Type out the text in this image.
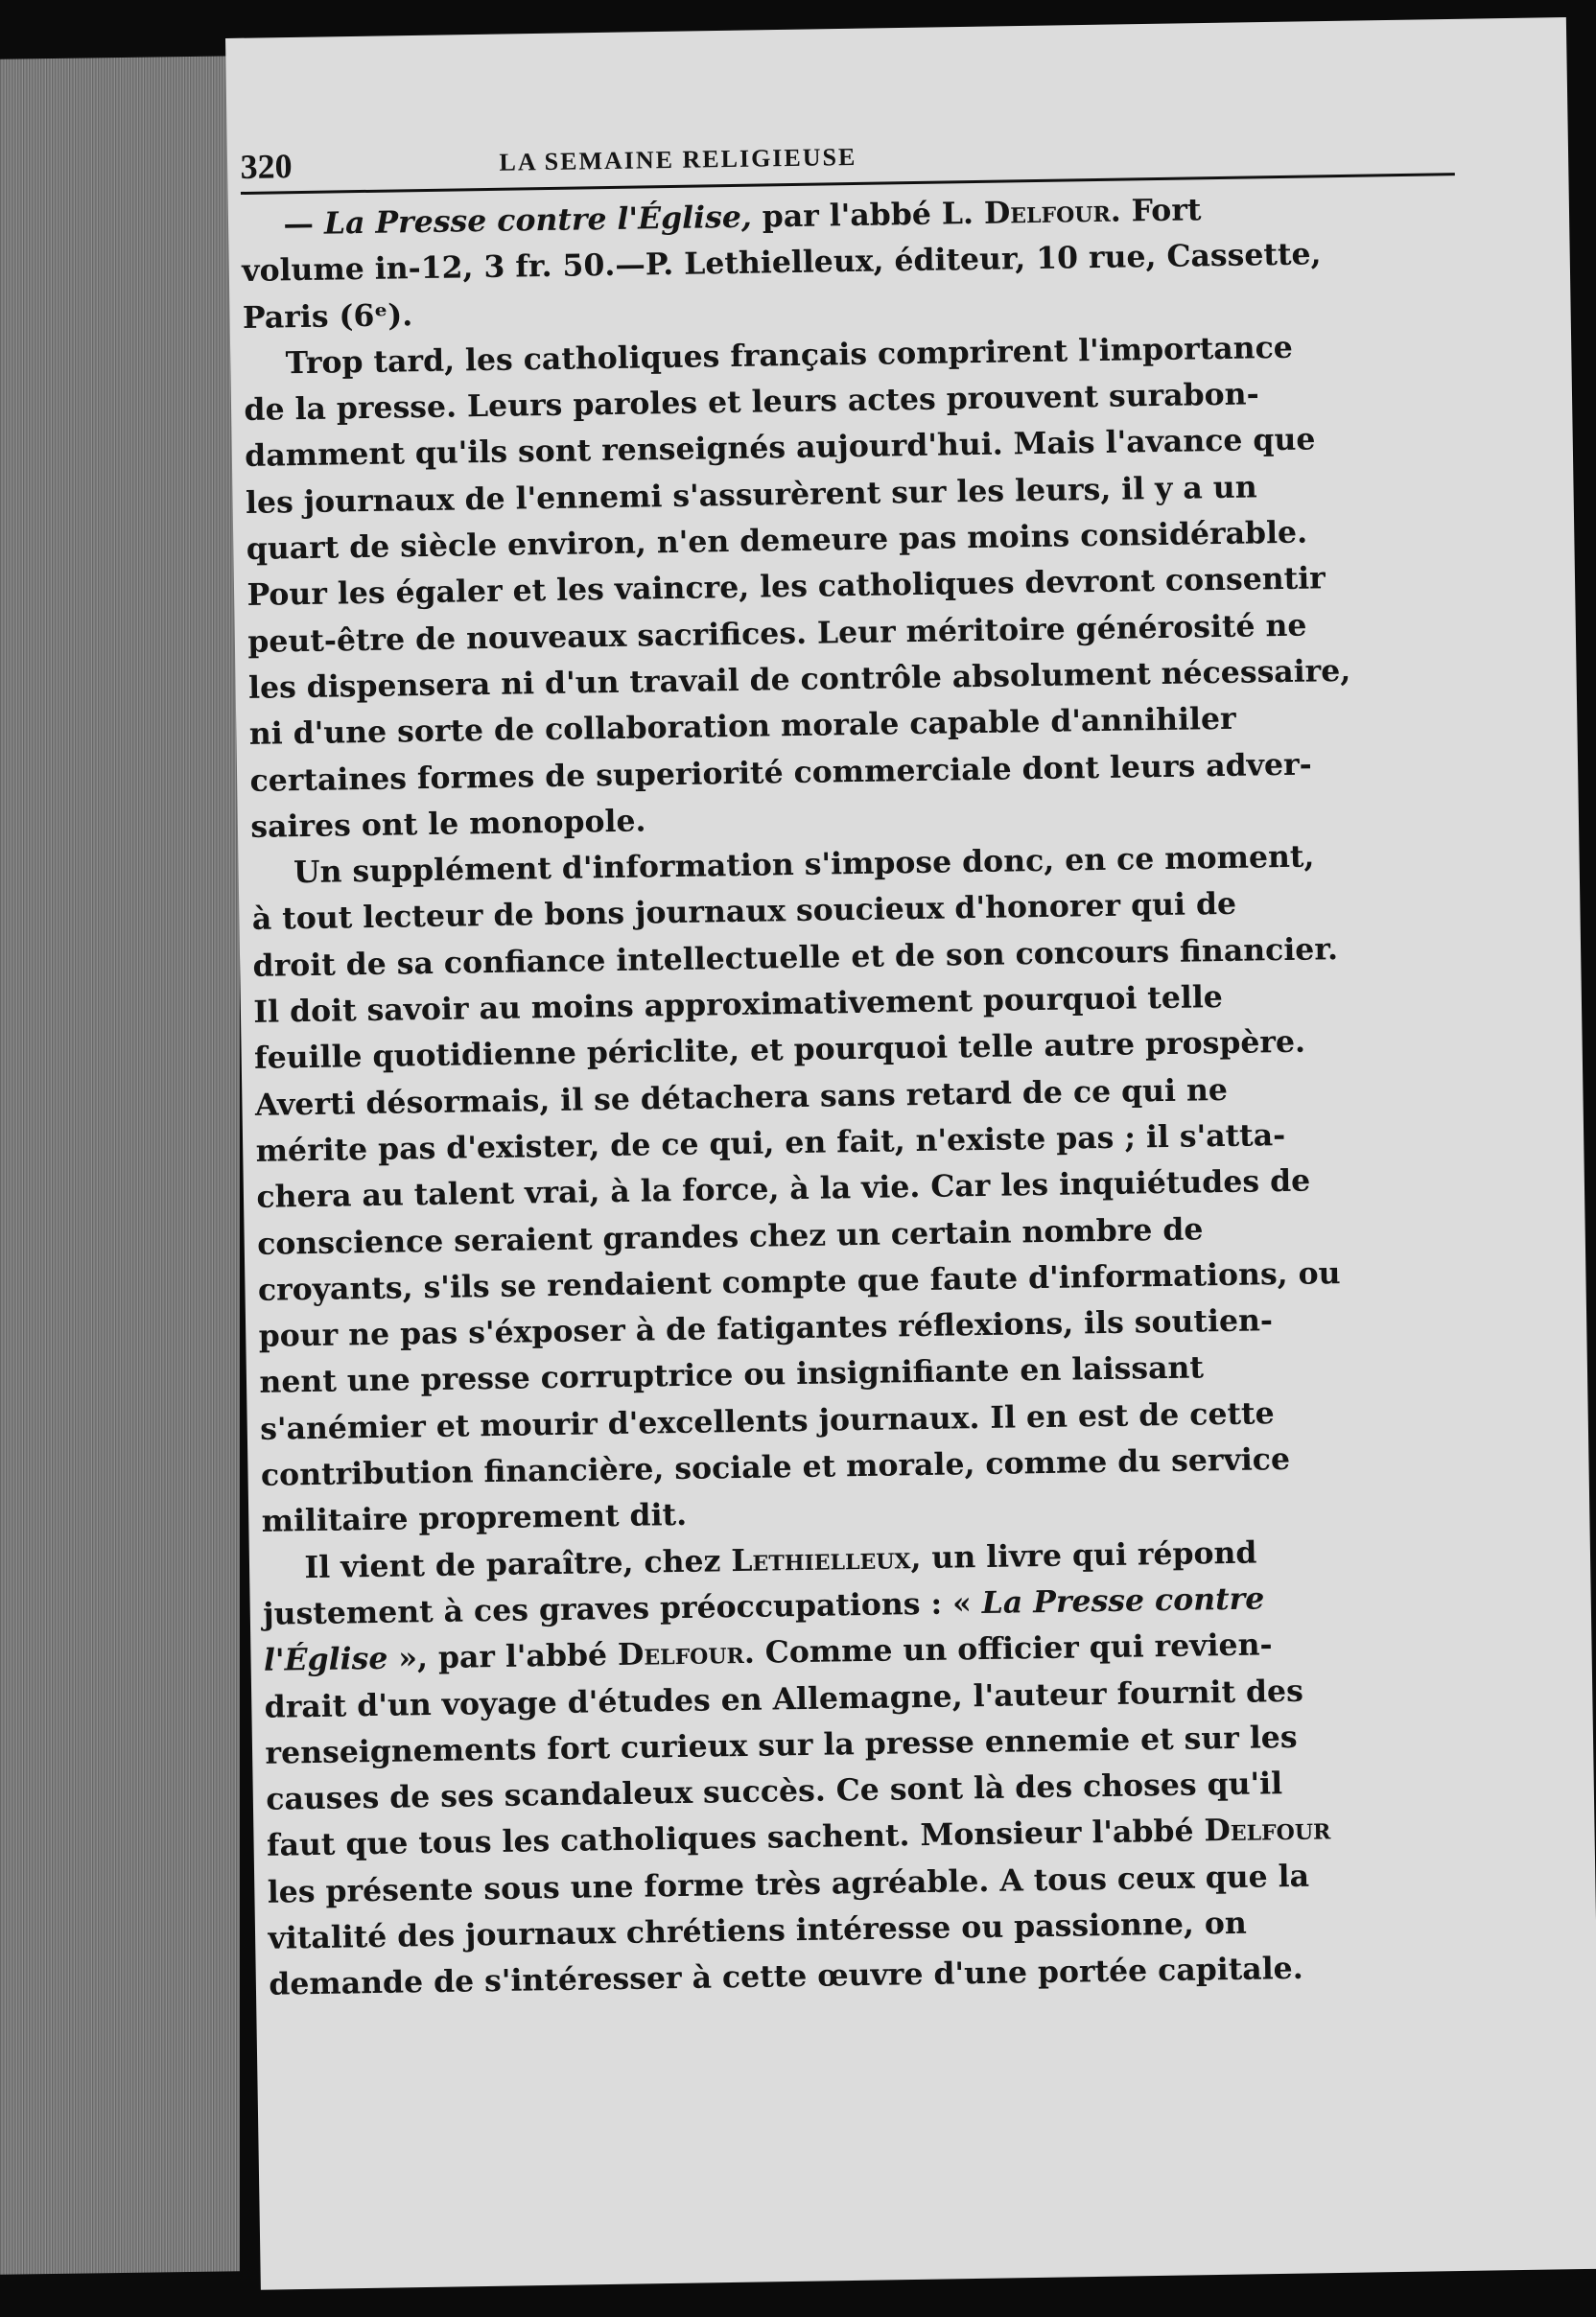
320	LA SEMAINE RELIGIEUSE

— La Presse contre l'Église, par l'abbé L. Delfour. Fort
volume in-12, 3 fr. 50.—P. Lethielleux, éditeur, 10 rue, Cassette,
Paris (6ᵉ).

Trop tard, les catholiques français comprirent l'importance
de la presse. Leurs paroles et leurs actes prouvent surabon-
damment qu'ils sont renseignés aujourd'hui. Mais l'avance que
les journaux de l'ennemi s'assurèrent sur les leurs, il y a un
quart de siècle environ, n'en demeure pas moins considérable.
Pour les égaler et les vaincre, les catholiques devront consentir
peut-être de nouveaux sacrifices. Leur méritoire générosité ne
les dispensera ni d'un travail de contrôle absolument nécessaire,
ni d'une sorte de collaboration morale capable d'annihiler
certaines formes de superiorité commerciale dont leurs adver-
saires ont le monopole.

Un supplément d'information s'impose donc, en ce moment,
à tout lecteur de bons journaux soucieux d'honorer qui de
droit de sa confiance intellectuelle et de son concours financier.
Il doit savoir au moins approximativement pourquoi telle
feuille quotidienne périclite, et pourquoi telle autre prospère.
Averti désormais, il se détachera sans retard de ce qui ne
mérite pas d'exister, de ce qui, en fait, n'existe pas ; il s'atta-
chera au talent vrai, à la force, à la vie. Car les inquiétudes de
conscience seraient grandes chez un certain nombre de
croyants, s'ils se rendaient compte que faute d'informations, ou
pour ne pas s'éxposer à de fatigantes réflexions, ils soutien-
nent une presse corruptrice ou insignifiante en laissant
s'anémier et mourir d'excellents journaux. Il en est de cette
contribution financière, sociale et morale, comme du service
militaire proprement dit.

Il vient de paraître, chez Lethielleux, un livre qui répond
justement à ces graves préoccupations : « La Presse contre
l'Église », par l'abbé Delfour. Comme un officier qui revien-
drait d'un voyage d'études en Allemagne, l'auteur fournit des
renseignements fort curieux sur la presse ennemie et sur les
causes de ses scandaleux succès. Ce sont là des choses qu'il
faut que tous les catholiques sachent. Monsieur l'abbé Delfour
les présente sous une forme très agréable. A tous ceux que la
vitalité des journaux chrétiens intéresse ou passionne, on
demande de s'intéresser à cette œuvre d'une portée capitale.
